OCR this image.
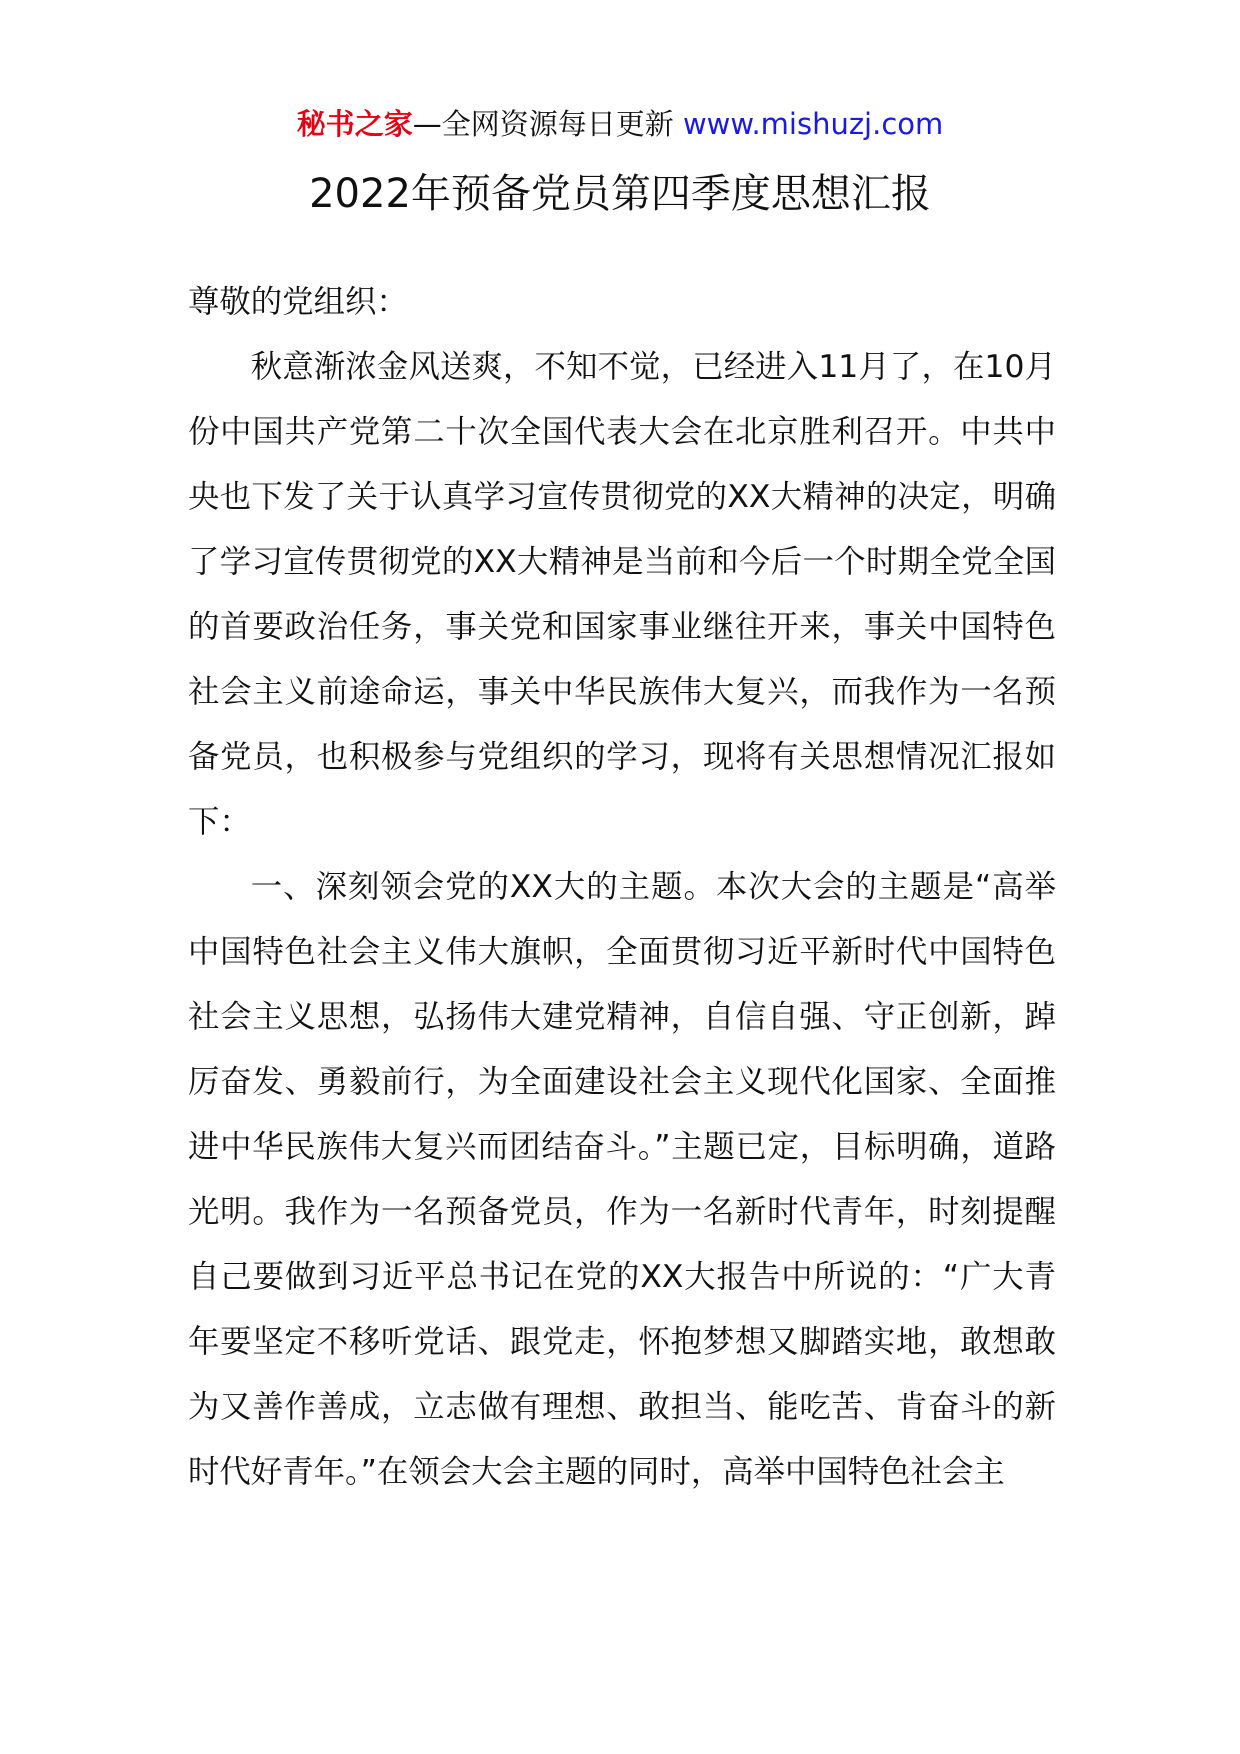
秘书之家—全网资源每日更新 www.mishuzj.com
2022年预备党员第四季度思想汇报

尊敬的党组织：

秋意渐浓金风送爽，不知不觉，已经进入11月了，在10月份中国共产党第二十次全国代表大会在北京胜利召开。中共中央也下发了关于认真学习宣传贯彻党的XX大精神的决定，明确了学习宣传贯彻党的XX大精神是当前和今后一个时期全党全国的首要政治任务，事关党和国家事业继往开来，事关中国特色社会主义前途命运，事关中华民族伟大复兴，而我作为一名预备党员，也积极参与党组织的学习，现将有关思想情况汇报如下：

一、深刻领会党的XX大的主题。本次大会的主题是“高举中国特色社会主义伟大旗帜，全面贯彻习近平新时代中国特色社会主义思想，弘扬伟大建党精神，自信自强、守正创新，踔厉奋发、勇毅前行，为全面建设社会主义现代化国家、全面推进中华民族伟大复兴而团结奋斗。”主题已定，目标明确，道路光明。我作为一名预备党员，作为一名新时代青年，时刻提醒自己要做到习近平总书记在党的XX大报告中所说的：“广大青年要坚定不移听党话、跟党走，怀抱梦想又脚踏实地，敢想敢为又善作善成，立志做有理想、敢担当、能吃苦、肯奋斗的新时代好青年。”在领会大会主题的同时，高举中国特色社会主
